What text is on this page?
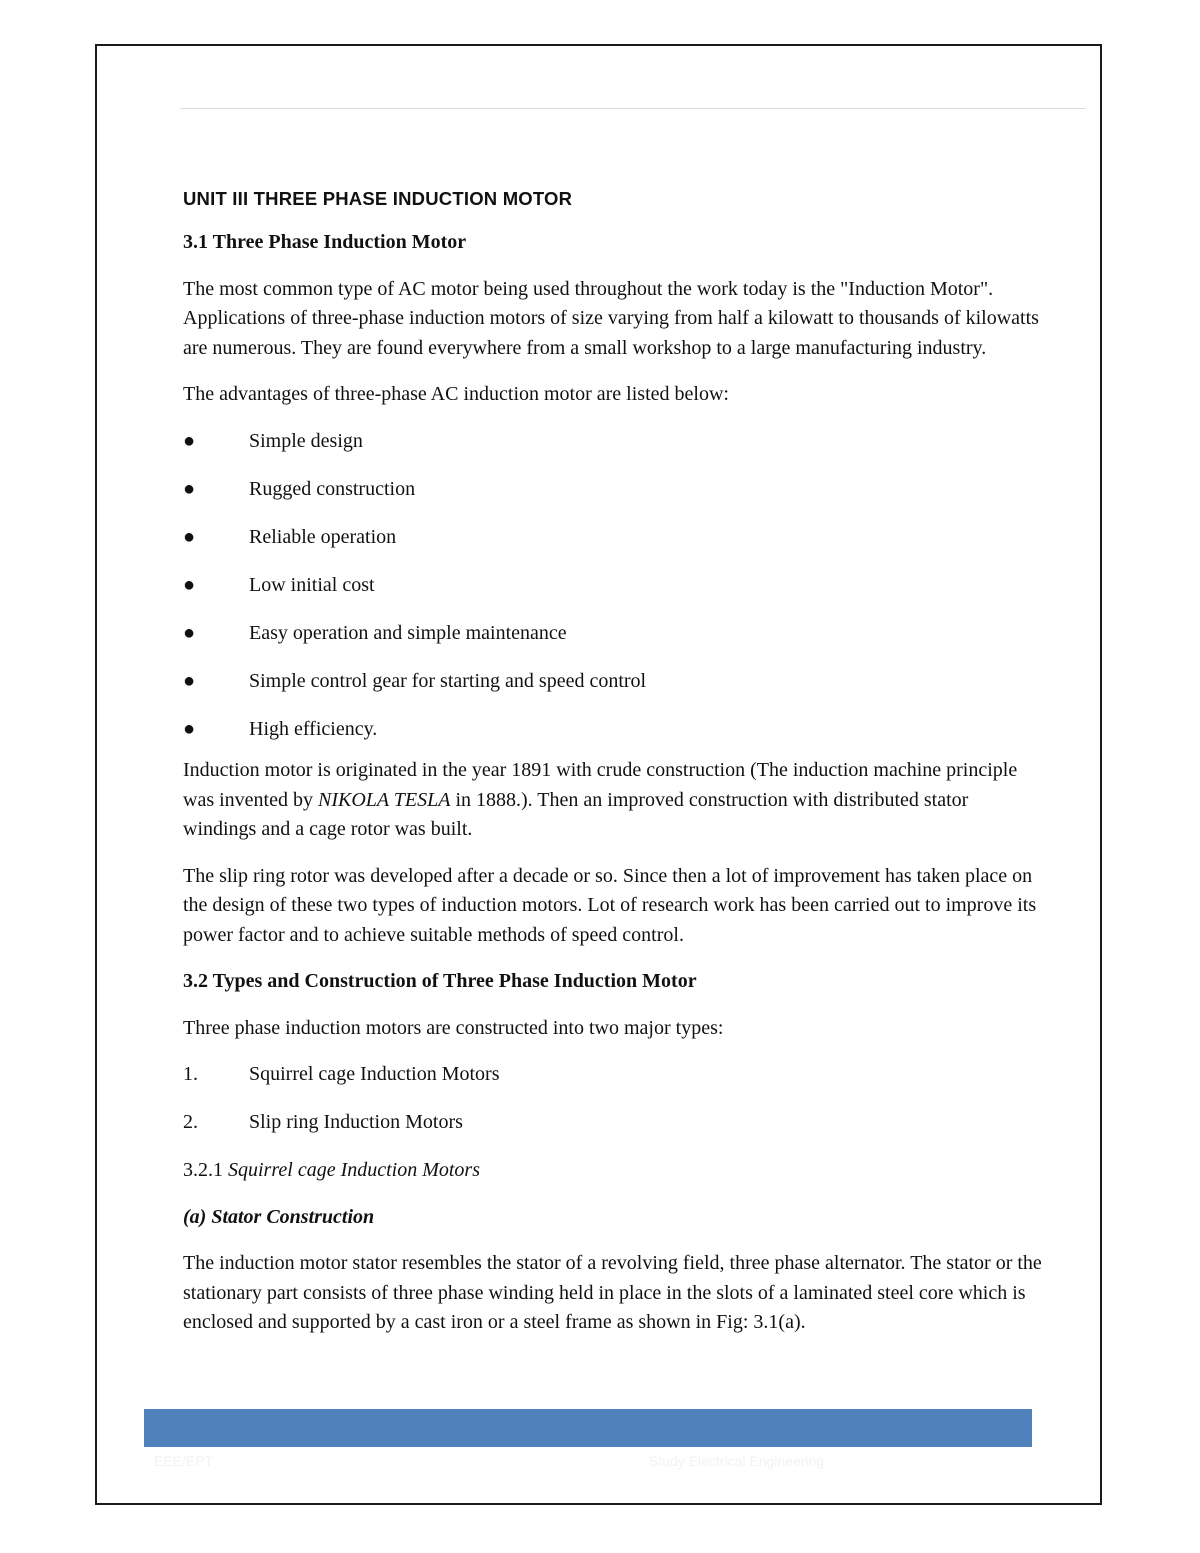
UNIT III THREE PHASE INDUCTION MOTOR
3.1 Three Phase Induction Motor

The most common type of AC motor being used throughout the work today is the "Induction Motor". Applications of three-phase induction motors of size varying from half a kilowatt to thousands of kilowatts are numerous. They are found everywhere from a small workshop to a large manufacturing industry.

The advantages of three-phase AC induction motor are listed below:

●	Simple design
●	Rugged construction
●	Reliable operation
●	Low initial cost
●	Easy operation and simple maintenance
●	Simple control gear for starting and speed control
●	High efficiency.

Induction motor is originated in the year 1891 with crude construction (The induction machine principle was invented by NIKOLA TESLA in 1888.). Then an improved construction with distributed stator windings and a cage rotor was built.

The slip ring rotor was developed after a decade or so. Since then a lot of improvement has taken place on the design of these two types of induction motors. Lot of research work has been carried out to improve its power factor and to achieve suitable methods of speed control.

3.2 Types and Construction of Three Phase Induction Motor

Three phase induction motors are constructed into two major types:

1.	Squirrel cage Induction Motors
2.	Slip ring Induction Motors

3.2.1 Squirrel cage Induction Motors

(a) Stator Construction

The induction motor stator resembles the stator of a revolving field, three phase alternator. The stator or the stationary part consists of three phase winding held in place in the slots of a laminated steel core which is enclosed and supported by a cast iron or a steel frame as shown in Fig: 3.1(a).

EEE/EPT	Study Electrical Engineering
